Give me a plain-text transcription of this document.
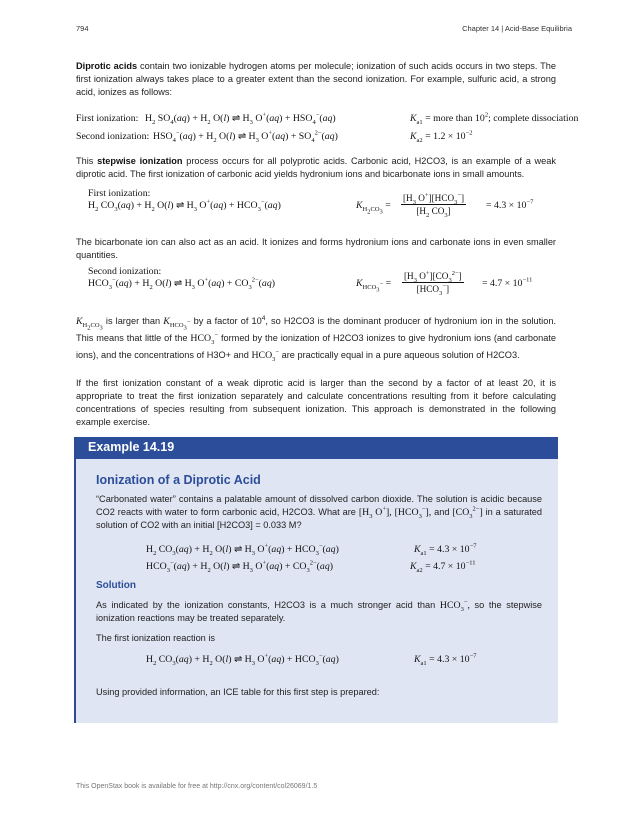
794	Chapter 14 | Acid-Base Equilibria
Diprotic acids contain two ionizable hydrogen atoms per molecule; ionization of such acids occurs in two steps. The first ionization always takes place to a greater extent than the second ionization. For example, sulfuric acid, a strong acid, ionizes as follows:
First ionization: $H_2$ $SO_4(aq) + H_2$ O(l) ⇌ $H_3$ $O^+(aq) + HSO_4^-(aq)$	$K_{a1}$ = more than $10^2$; complete dissociation
Second ionization: $HSO_4^-(aq) + H_2$ O(l) ⇌ $H_3$ $O^+(aq) + SO_4^{2-}(aq)$	$K_{a2} = 1.2 \times 10^{-2}$
This stepwise ionization process occurs for all polyprotic acids. Carbonic acid, H2CO3, is an example of a weak diprotic acid. The first ionization of carbonic acid yields hydronium ions and bicarbonate ions in small amounts.
First ionization:
$H_2$ $CO_3(aq) + H_2$ O(l) ⇌ $H_3$ $O^+(aq) + HCO_3^-(aq)$	$K_{H_2CO_3}$ =
[$H_3$ $O^+][HCO_3^-]$
[$H_2$ $CO_3$]	= $4.3 \times 10^{-7}$
The bicarbonate ion can also act as an acid. It ionizes and forms hydronium ions and carbonate ions in even smaller quantities.
Second ionization:
$HCO_3^-(aq) + H_2$ O(l) ⇌ $H_3$ $O^+(aq) + CO_3^{2-}(aq)$	$K_{HCO_3^-}$ =
[$H_3$ $O^+][CO_3^{2-}]$
$[HCO_3^-]$	= $4.7 \times 10^{-11}$
$K_{H_2CO_3}$ is larger than $K_{HCO_3^-}$ by a factor of $10^4$, so H2CO3 is the dominant producer of hydronium ion in the solution. This means that little of the $HCO_3^-$ formed by the ionization of H2CO3 ionizes to give hydronium ions (and carbonate ions), and the concentrations of H3O+ and $HCO_3^-$ are practically equal in a pure aqueous solution of H2CO3.
If the first ionization constant of a weak diprotic acid is larger than the second by a factor of at least 20, it is appropriate to treat the first ionization separately and calculate concentrations resulting from it before calculating concentrations of species resulting from subsequent ionization. This approach is demonstrated in the following example exercise.
Example 14.19
Ionization of a Diprotic Acid
“Carbonated water” contains a palatable amount of dissolved carbon dioxide. The solution is acidic because CO2 reacts with water to form carbonic acid, H2CO3. What are [$H_3$ O+], $[HCO_3^-]$, and $[CO_3^{2-}]$ in a saturated solution of CO2 with an initial [H2CO3] = 0.033 M?
$H_2$ $CO_3(aq) + H_2$ O(l) ⇌ $H_3$ $O^+(aq) + HCO_3^-(aq)$	$K_{a1} = 4.3 \times 10^{-7}$
$HCO_3^-(aq) + H_2$ O(l) ⇌ $H_3$ $O^+(aq) + CO_3^{2-}(aq)$	$K_{a2} = 4.7 \times 10^{-11}$
Solution
As indicated by the ionization constants, H2CO3 is a much stronger acid than $HCO_3^-$, so the stepwise ionization reactions may be treated separately.
The first ionization reaction is
$H_2$ $CO_3(aq) + H_2$ O(l) ⇌ $H_3$ $O^+(aq) + HCO_3^-(aq)$	$K_{a1} = 4.3 \times 10^{-7}$
Using provided information, an ICE table for this first step is prepared:
This OpenStax book is available for free at http://cnx.org/content/col26069/1.5
